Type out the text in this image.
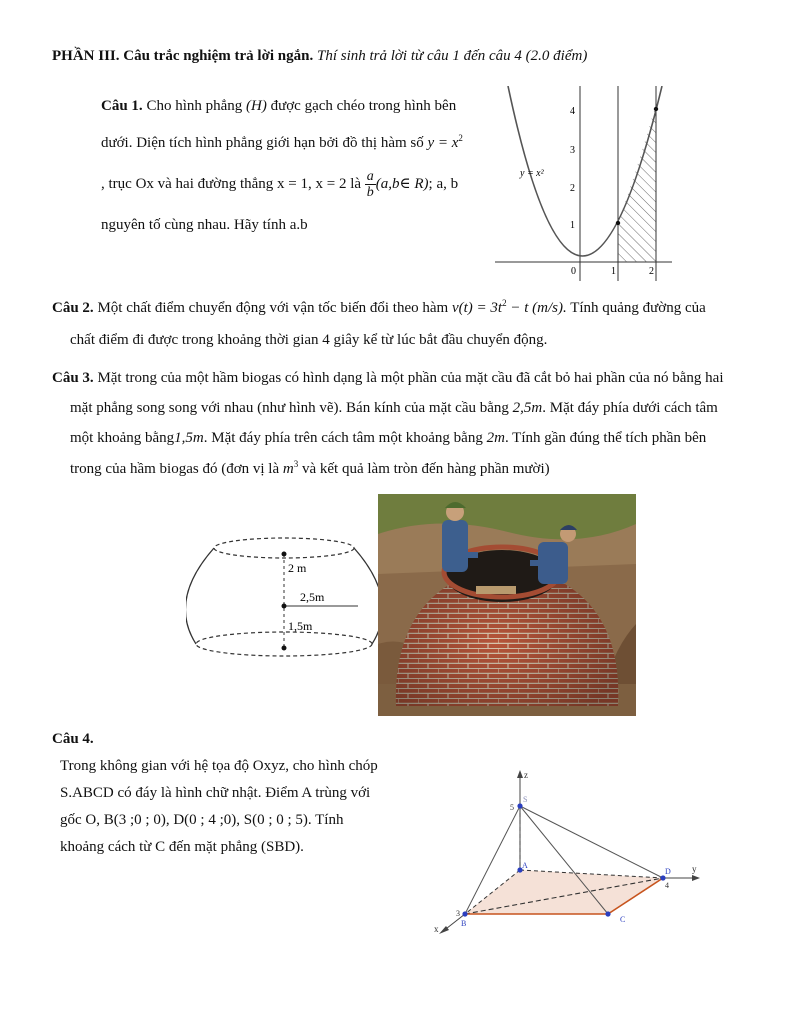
PHẦN III. Câu trắc nghiệm trả lời ngắn. Thí sinh trả lời từ câu 1 đến câu 4 (2.0 điểm)
Câu 1. Cho hình phẳng (H) được gạch chéo trong hình bên
dưới. Diện tích hình phẳng giới hạn bởi đồ thị hàm số $y = x^2$
, trục Ox và hai đường thẳng x = 1, x = 2 là $\frac{a}{b}$ (a,b∈ R); a, b
nguyên tố cùng nhau. Hãy tính a.b
4
3
2
1
0	1	2
y = x²
Câu 2. Một chất điểm chuyển động với vận tốc biến đổi theo hàm $v(t) = 3t^2 - t$ (m/s). Tính quảng đường của
chất điểm đi được trong khoảng thời gian 4 giây kể từ lúc bắt đầu chuyển động.
Câu 3. Mặt trong của một hầm biogas có hình dạng là một phần của mặt cầu đã cắt bỏ hai phần của nó bằng hai
mặt phẳng song song với nhau (như hình vẽ). Bán kính của mặt cầu bằng 2,5m. Mặt đáy phía dưới cách tâm
một khoảng bằng1,5m. Mặt đáy phía trên cách tâm một khoảng bằng 2m. Tính gần đúng thể tích phần bên
trong của hầm biogas đó (đơn vị là $m^3$ và kết quả làm tròn đến hàng phần mười)
2 m
2,5m
1,5m
Câu 4.
Trong không gian với hệ tọa độ Oxyz, cho hình chóp
S.ABCD có đáy là hình chữ nhật. Điểm A trùng với
gốc O, B(3 ;0 ; 0), D(0 ; 4 ;0), S(0 ; 0 ; 5). Tính
khoảng cách từ C đến mặt phẳng (SBD).
z
y
x
S
5
A
D
4
3
B	C
